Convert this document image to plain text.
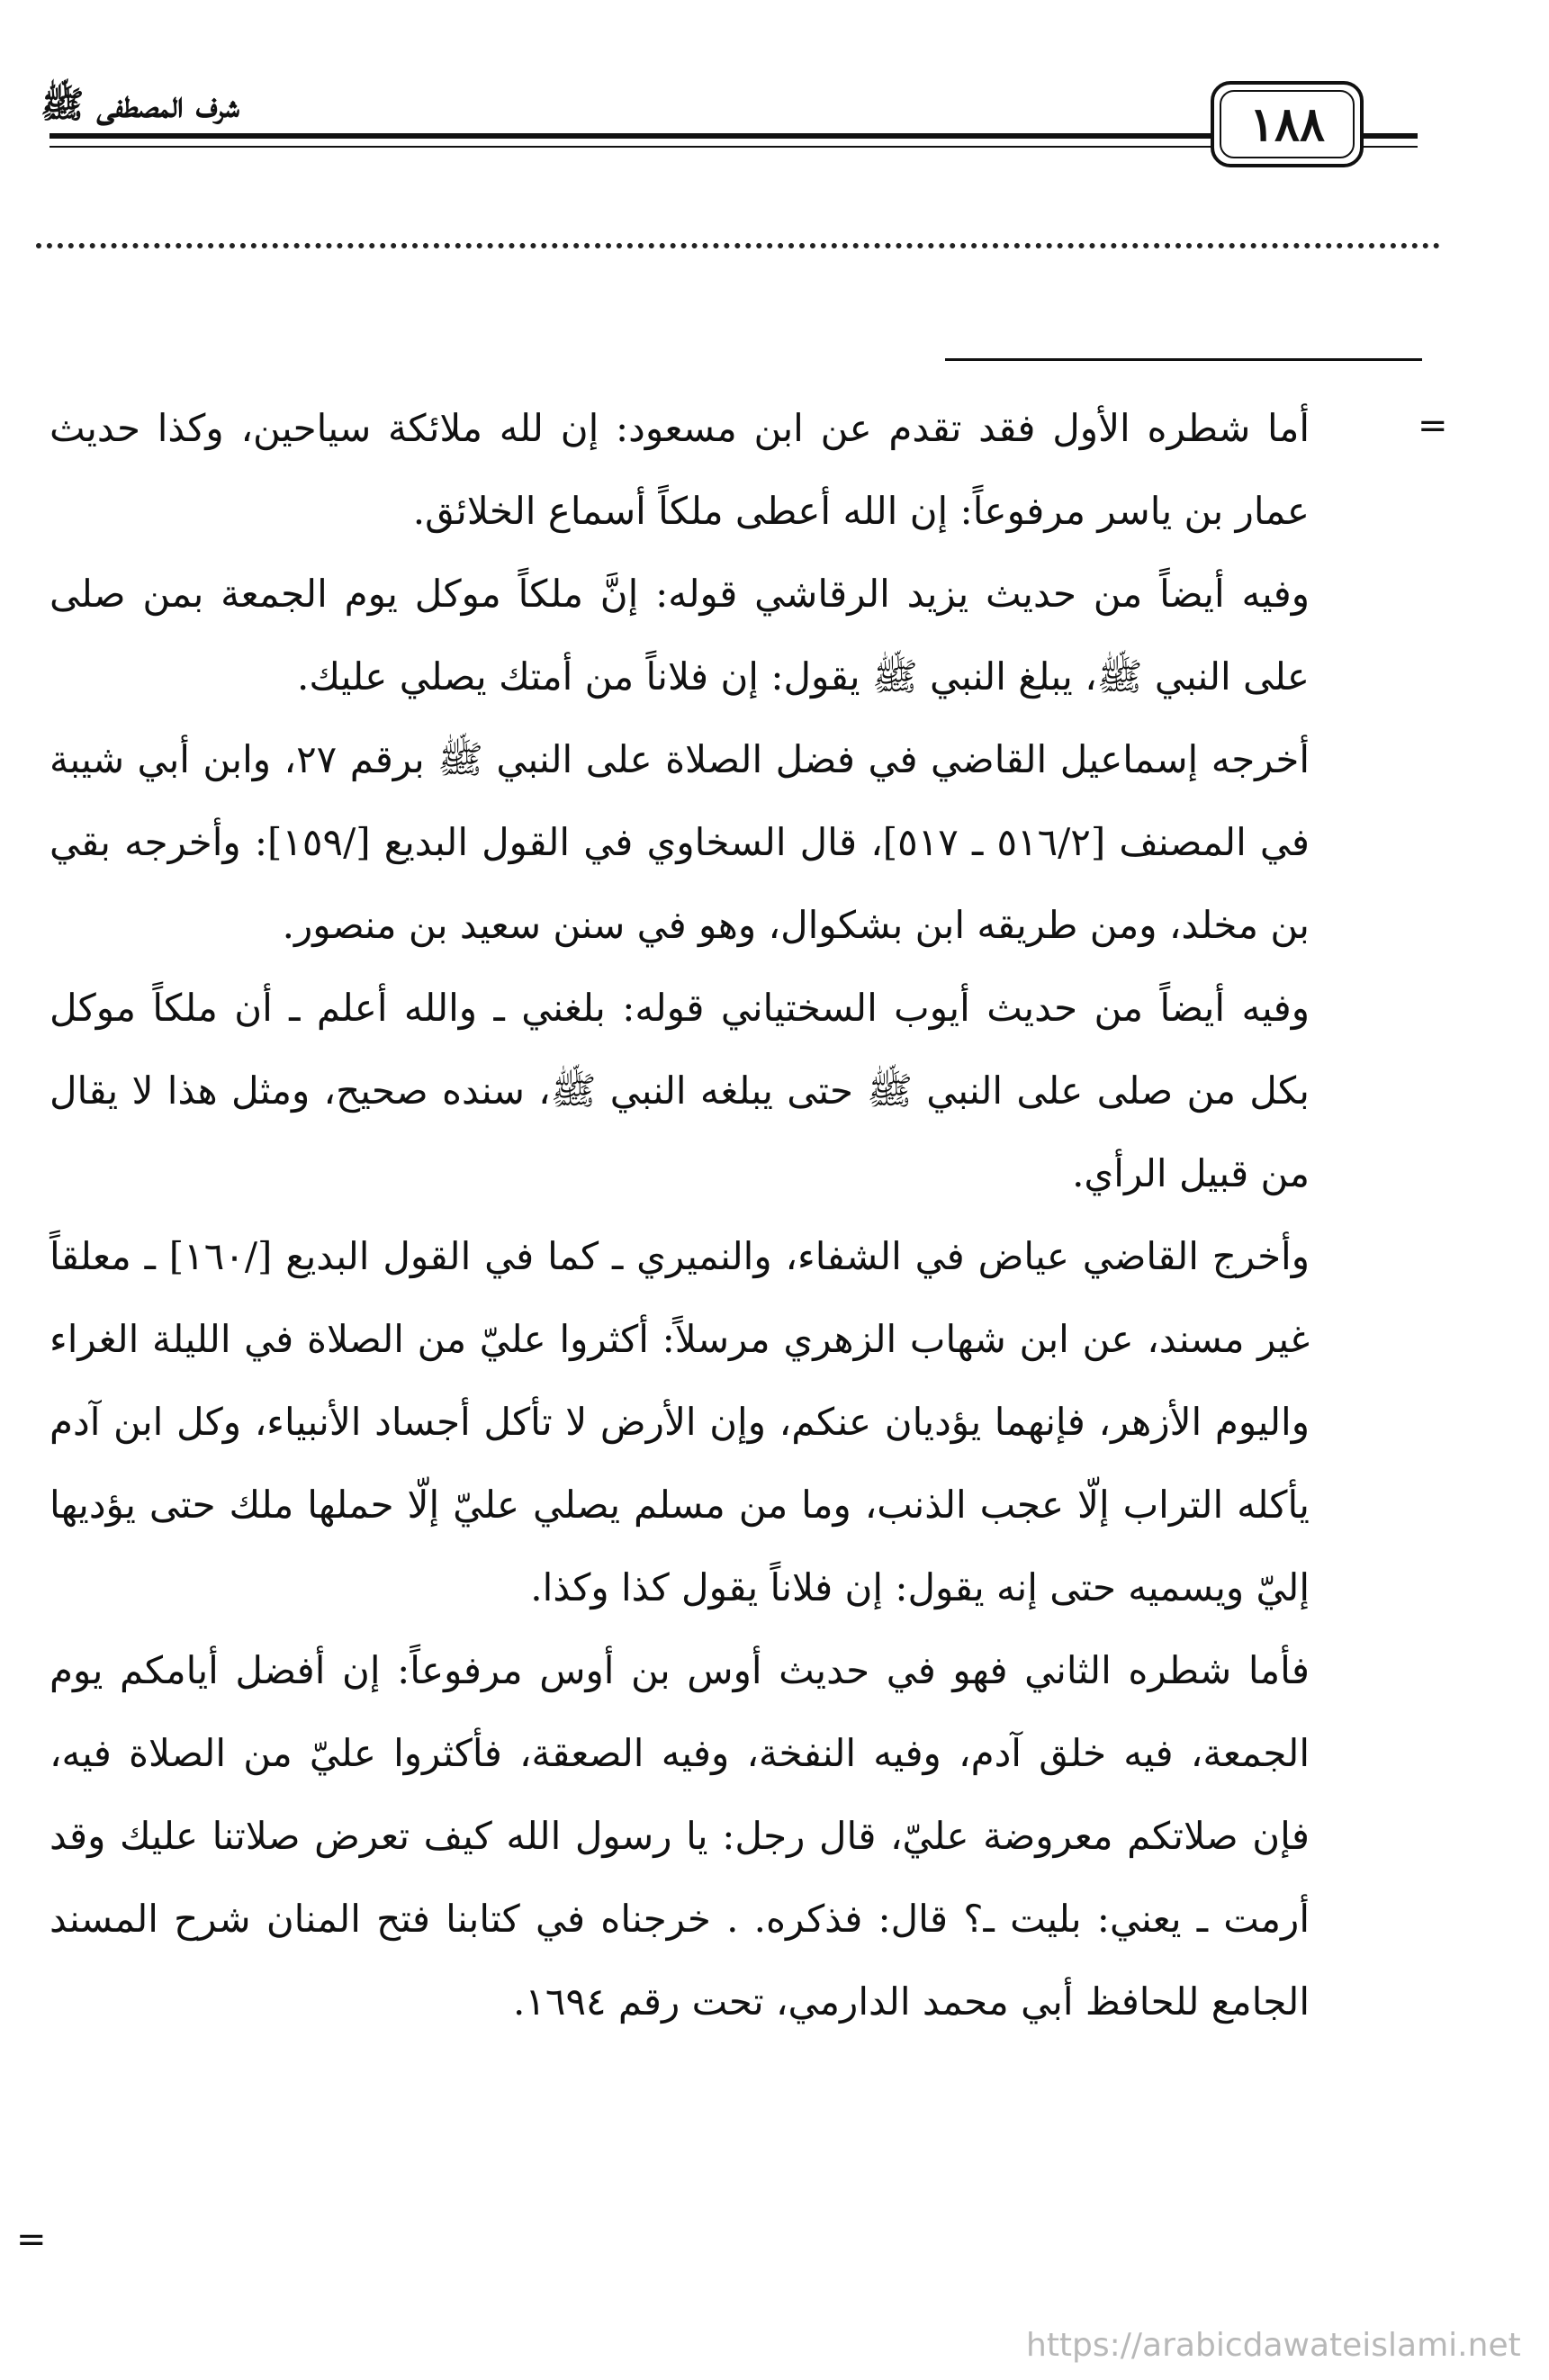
شرف المصطفى ﷺ	١٨٨
=

أما شطره الأول فقد تقدم عن ابن مسعود: إن لله ملائكة سياحين، وكذا حديث عمار بن ياسر مرفوعاً: إن الله أعطى ملكاً أسماع الخلائق.

وفيه أيضاً من حديث يزيد الرقاشي قوله: إنَّ ملكاً موكل يوم الجمعة بمن صلى على النبي ﷺ، يبلغ النبي ﷺ يقول: إن فلاناً من أمتك يصلي عليك.

أخرجه إسماعيل القاضي في فضل الصلاة على النبي ﷺ برقم ٢٧، وابن أبي شيبة في المصنف [٥١٦/٢ ـ ٥١٧]، قال السخاوي في القول البديع [/١٥٩]: وأخرجه بقي بن مخلد، ومن طريقه ابن بشكوال، وهو في سنن سعيد بن منصور.

وفيه أيضاً من حديث أيوب السختياني قوله: بلغني ـ والله أعلم ـ أن ملكاً موكل بكل من صلى على النبي ﷺ حتى يبلغه النبي ﷺ، سنده صحيح، ومثل هذا لا يقال من قبيل الرأي.

وأخرج القاضي عياض في الشفاء، والنميري ـ كما في القول البديع [/١٦٠] ـ معلقاً غير مسند، عن ابن شهاب الزهري مرسلاً: أكثروا عليّ من الصلاة في الليلة الغراء واليوم الأزهر، فإنهما يؤديان عنكم، وإن الأرض لا تأكل أجساد الأنبياء، وكل ابن آدم يأكله التراب إلّا عجب الذنب، وما من مسلم يصلي عليّ إلّا حملها ملك حتى يؤديها إليّ ويسميه حتى إنه يقول: إن فلاناً يقول كذا وكذا.

فأما شطره الثاني فهو في حديث أوس بن أوس مرفوعاً: إن أفضل أيامكم يوم الجمعة، فيه خلق آدم، وفيه النفخة، وفيه الصعقة، فأكثروا عليّ من الصلاة فيه، فإن صلاتكم معروضة عليّ، قال رجل: يا رسول الله كيف تعرض صلاتنا عليك وقد أرمت ـ يعني: بليت ـ؟ قال: فذكره. . خرجناه في كتابنا فتح المنان شرح المسند الجامع للحافظ أبي محمد الدارمي، تحت رقم ١٦٩٤.

=
https://arabicdawateislami.net
